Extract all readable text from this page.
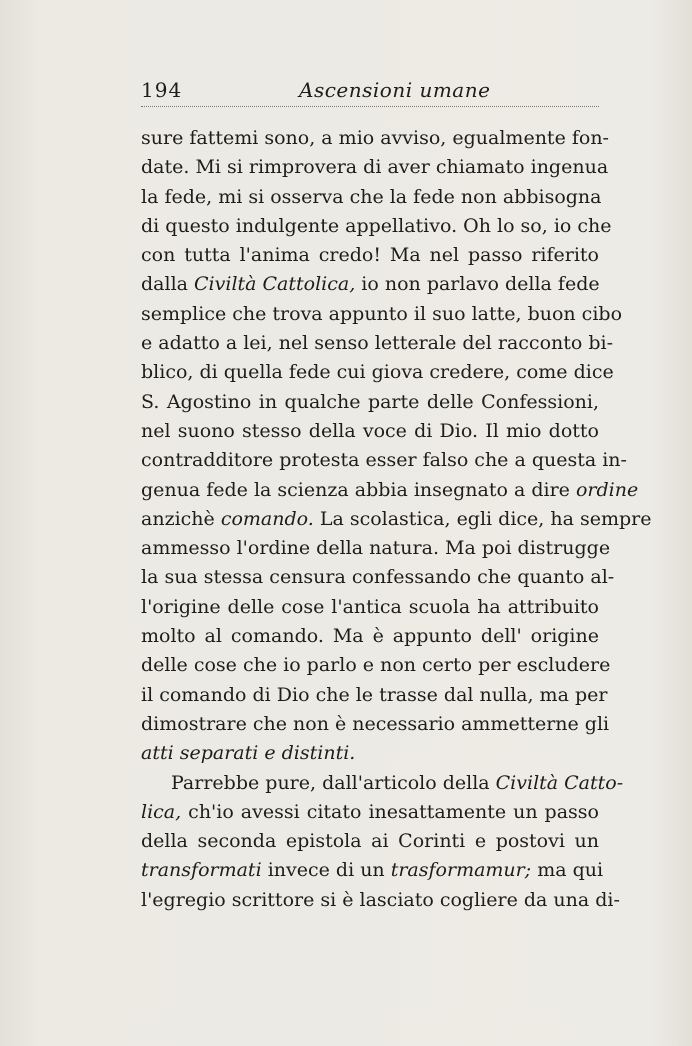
194	Ascensioni umane
sure fattemi sono, a mio avviso, egualmente fon-
date. Mi si rimprovera di aver chiamato ingenua
la fede, mi si osserva che la fede non abbisogna
di questo indulgente appellativo. Oh lo so, io che
con tutta l'anima credo! Ma nel passo riferito
dalla Civiltà Cattolica, io non parlavo della fede
semplice che trova appunto il suo latte, buon cibo
e adatto a lei, nel senso letterale del racconto bi-
blico, di quella fede cui giova credere, come dice
S. Agostino in qualche parte delle Confessioni,
nel suono stesso della voce di Dio. Il mio dotto
contradditore protesta esser falso che a questa in-
genua fede la scienza abbia insegnato a dire ordine
anzichè comando. La scolastica, egli dice, ha sempre
ammesso l'ordine della natura. Ma poi distrugge
la sua stessa censura confessando che quanto al-
l'origine delle cose l'antica scuola ha attribuito
molto al comando. Ma è appunto dell' origine
delle cose che io parlo e non certo per escludere
il comando di Dio che le trasse dal nulla, ma per
dimostrare che non è necessario ammetterne gli
atti separati e distinti.
Parrebbe pure, dall'articolo della Civiltà Catto-
lica, ch'io avessi citato inesattamente un passo
della seconda epistola ai Corinti e postovi un
transformati invece di un trasformamur; ma qui
l'egregio scrittore si è lasciato cogliere da una di-
